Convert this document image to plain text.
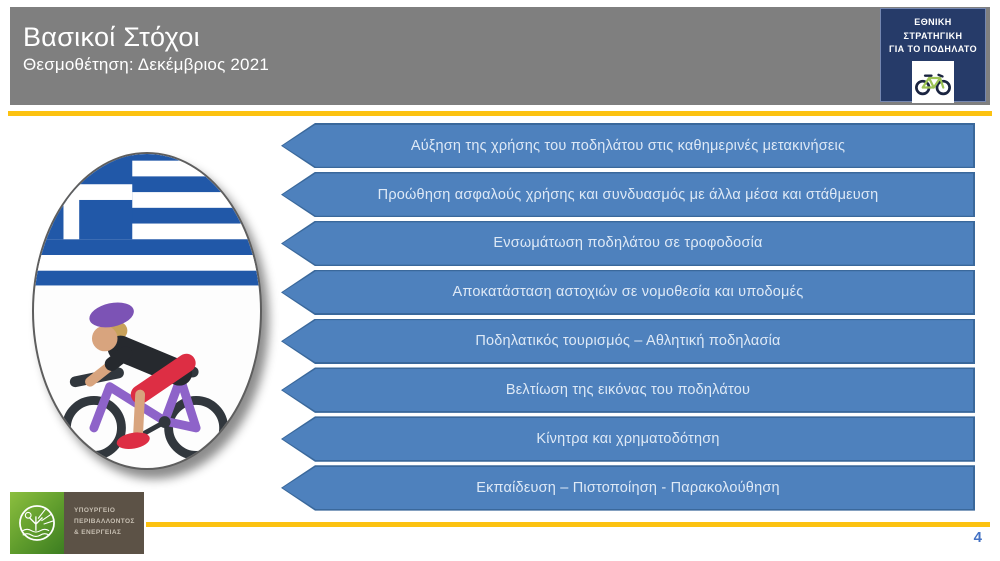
Βασικοί Στόχοι
Θεσμοθέτηση: Δεκέμβριος 2021
ΕΘΝΙΚΗ
ΣΤΡΑΤΗΓΙΚΗ
ΓΙΑ ΤΟ ΠΟΔΗΛΑΤΟ
Αύξηση της χρήσης του ποδηλάτου στις καθημερινές μετακινήσεις
Προώθηση ασφαλούς χρήσης και συνδυασμός με άλλα μέσα και στάθμευση
Ενσωμάτωση ποδηλάτου σε τροφοδοσία
Αποκατάσταση αστοχιών σε νομοθεσία και υποδομές
Ποδηλατικός τουρισμός – Αθλητική ποδηλασία
Βελτίωση της εικόνας του ποδηλάτου
Κίνητρα και χρηματοδότηση
Εκπαίδευση – Πιστοποίηση - Παρακολούθηση
ΥΠΟΥΡΓΕΙΟ
ΠΕΡΙΒΑΛΛΟΝΤΟΣ
& ΕΝΕΡΓΕΙΑΣ	4
